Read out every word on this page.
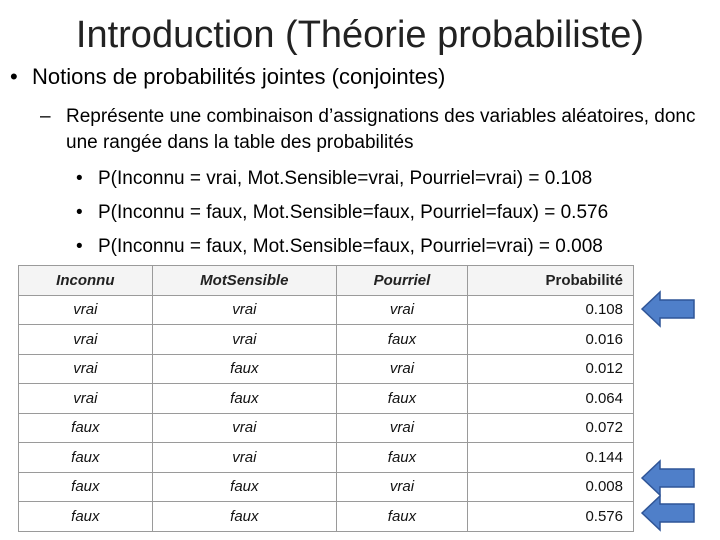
Introduction (Théorie probabiliste)
• Notions de probabilités jointes (conjointes)
– Représente une combinaison d’assignations des variables aléatoires, donc une rangée dans la table des probabilités
• P(Inconnu = vrai, Mot.Sensible=vrai, Pourriel=vrai) = 0.108
• P(Inconnu = faux, Mot.Sensible=faux, Pourriel=faux) = 0.576
• P(Inconnu = faux, Mot.Sensible=faux, Pourriel=vrai) = 0.008
Inconnu	MotSensible	Pourriel	Probabilité
vrai	vrai	vrai	0.108
vrai	vrai	faux	0.016
vrai	faux	vrai	0.012
vrai	faux	faux	0.064
faux	vrai	vrai	0.072
faux	vrai	faux	0.144
faux	faux	vrai	0.008
faux	faux	faux	0.576
